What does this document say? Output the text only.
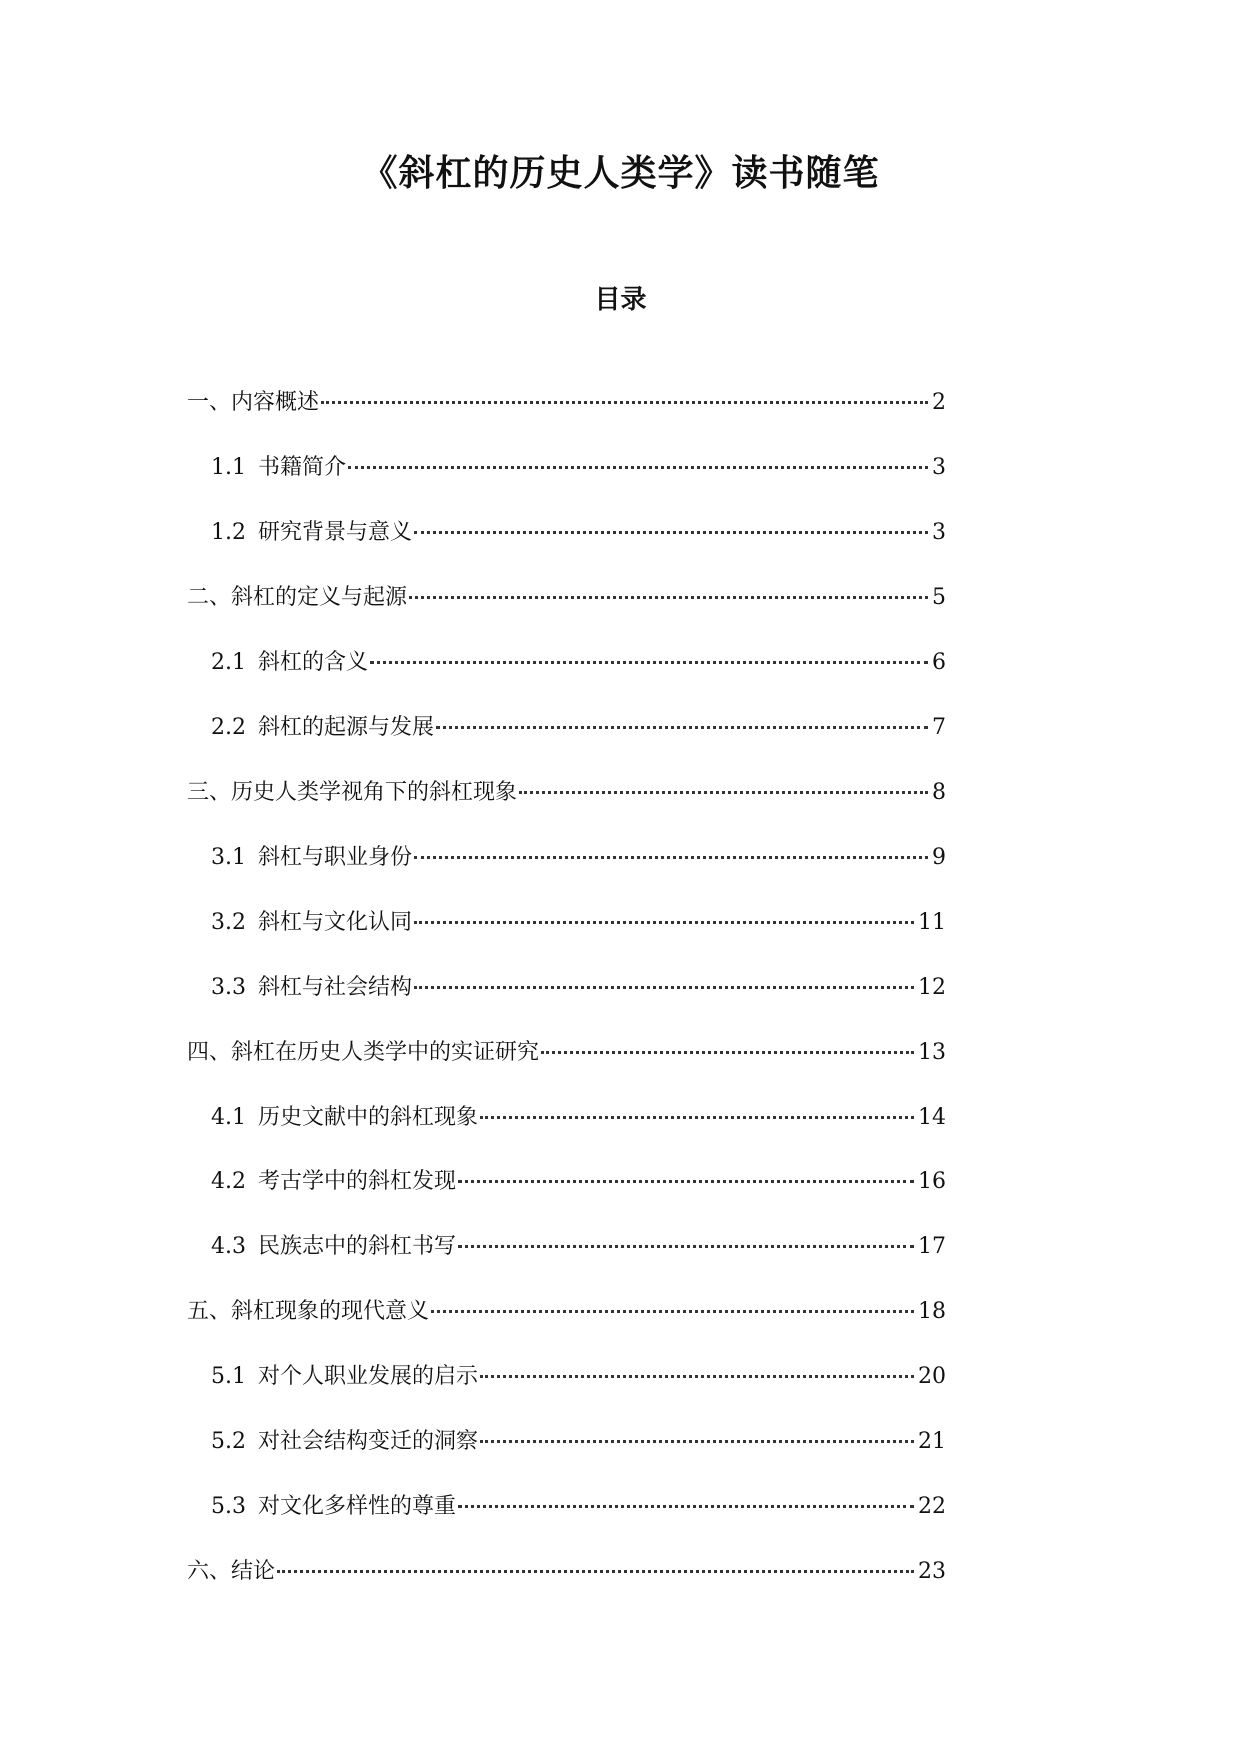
《斜杠的历史人类学》读书随笔
目录
一、内容概述	2
1.1 书籍简介	3
1.2 研究背景与意义	3
二、斜杠的定义与起源	5
2.1 斜杠的含义	6
2.2 斜杠的起源与发展	7
三、历史人类学视角下的斜杠现象	8
3.1 斜杠与职业身份	9
3.2 斜杠与文化认同	11
3.3 斜杠与社会结构	12
四、斜杠在历史人类学中的实证研究	13
4.1 历史文献中的斜杠现象	14
4.2 考古学中的斜杠发现	16
4.3 民族志中的斜杠书写	17
五、斜杠现象的现代意义	18
5.1 对个人职业发展的启示	20
5.2 对社会结构变迁的洞察	21
5.3 对文化多样性的尊重	22
六、结论	23
